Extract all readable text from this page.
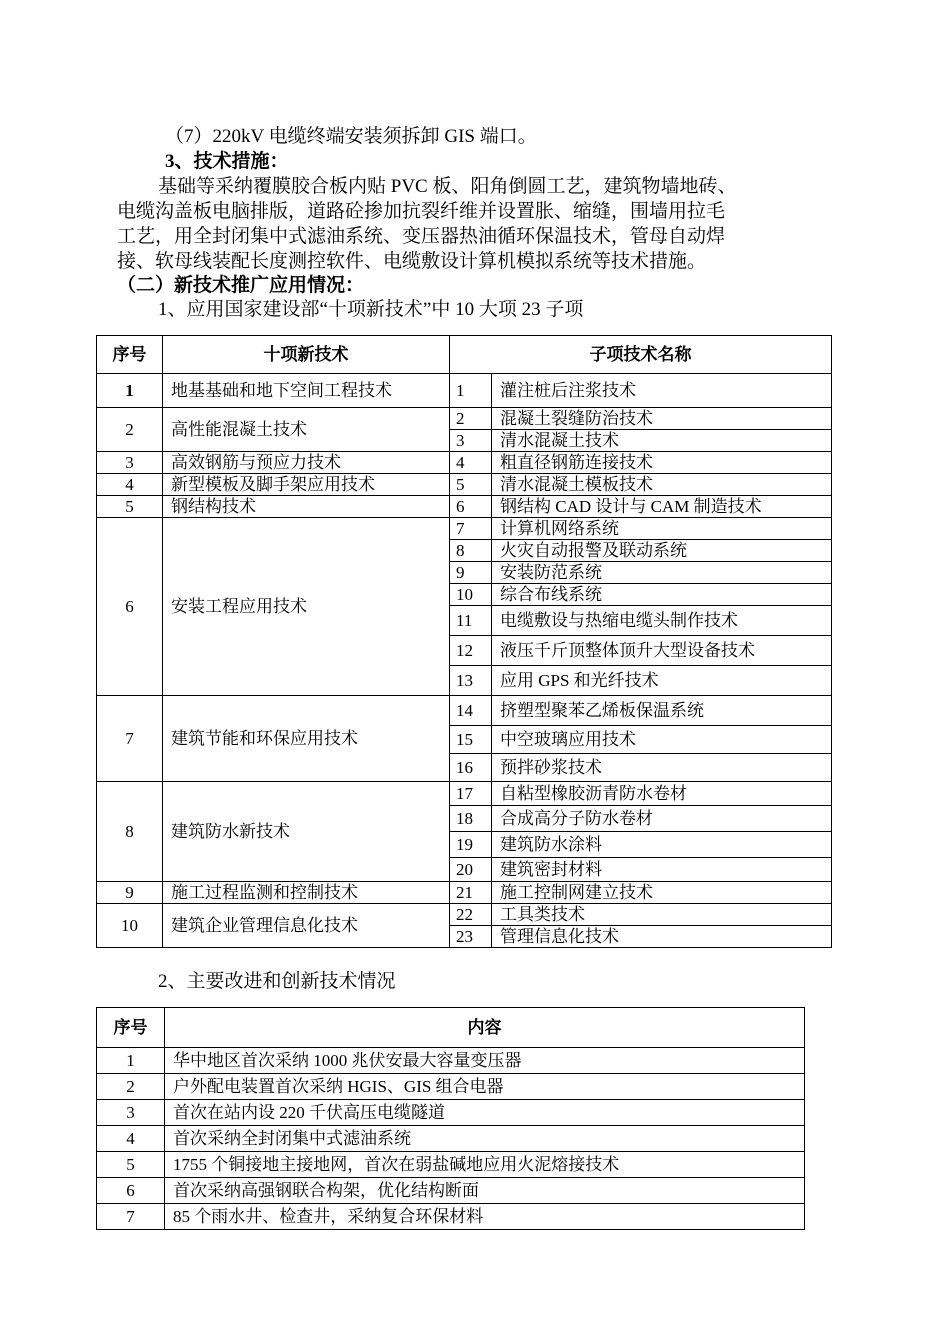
（7）220kV 电缆终端安装须拆卸 GIS 端口。
3、技术措施：
基础等采纳覆膜胶合板内贴 PVC 板、阳角倒圆工艺，建筑物墙地砖、
电缆沟盖板电脑排版，道路砼掺加抗裂纤维并设置胀、缩缝，围墙用拉毛
工艺，用全封闭集中式滤油系统、变压器热油循环保温技术，管母自动焊
接、软母线装配长度测控软件、电缆敷设计算机模拟系统等技术措施。
（二）新技术推广应用情况：
1、应用国家建设部“十项新技术”中 10 大项 23 子项
序号	十项新技术	子项技术名称	
1	地基基础和地下空间工程技术	1	灌注桩后注浆技术
2	高性能混凝土技术	2	混凝土裂缝防治技术
		3	清水混凝土技术
3	高效钢筋与预应力技术	4	粗直径钢筋连接技术
4	新型模板及脚手架应用技术	5	清水混凝土模板技术
5	钢结构技术	6	钢结构 CAD 设计与 CAM 制造技术
6	安装工程应用技术	7	计算机网络系统
		8	火灾自动报警及联动系统
		9	安装防范系统
		10	综合布线系统
		11	电缆敷设与热缩电缆头制作技术
		12	液压千斤顶整体顶升大型设备技术
		13	应用 GPS 和光纤技术
7	建筑节能和环保应用技术	14	挤塑型聚苯乙烯板保温系统
		15	中空玻璃应用技术
		16	预拌砂浆技术
8	建筑防水新技术	17	自粘型橡胶沥青防水卷材
		18	合成高分子防水卷材
		19	建筑防水涂料
		20	建筑密封材料
9	施工过程监测和控制技术	21	施工控制网建立技术
10	建筑企业管理信息化技术	22	工具类技术
		23	管理信息化技术
2、主要改进和创新技术情况
序号	内容
1	华中地区首次采纳 1000 兆伏安最大容量变压器
2	户外配电装置首次采纳 HGIS、GIS 组合电器
3	首次在站内设 220 千伏高压电缆隧道
4	首次采纳全封闭集中式滤油系统
5	1755 个铜接地主接地网，首次在弱盐碱地应用火泥熔接技术
6	首次采纳高强钢联合构架，优化结构断面
7	85 个雨水井、检查井，采纳复合环保材料
